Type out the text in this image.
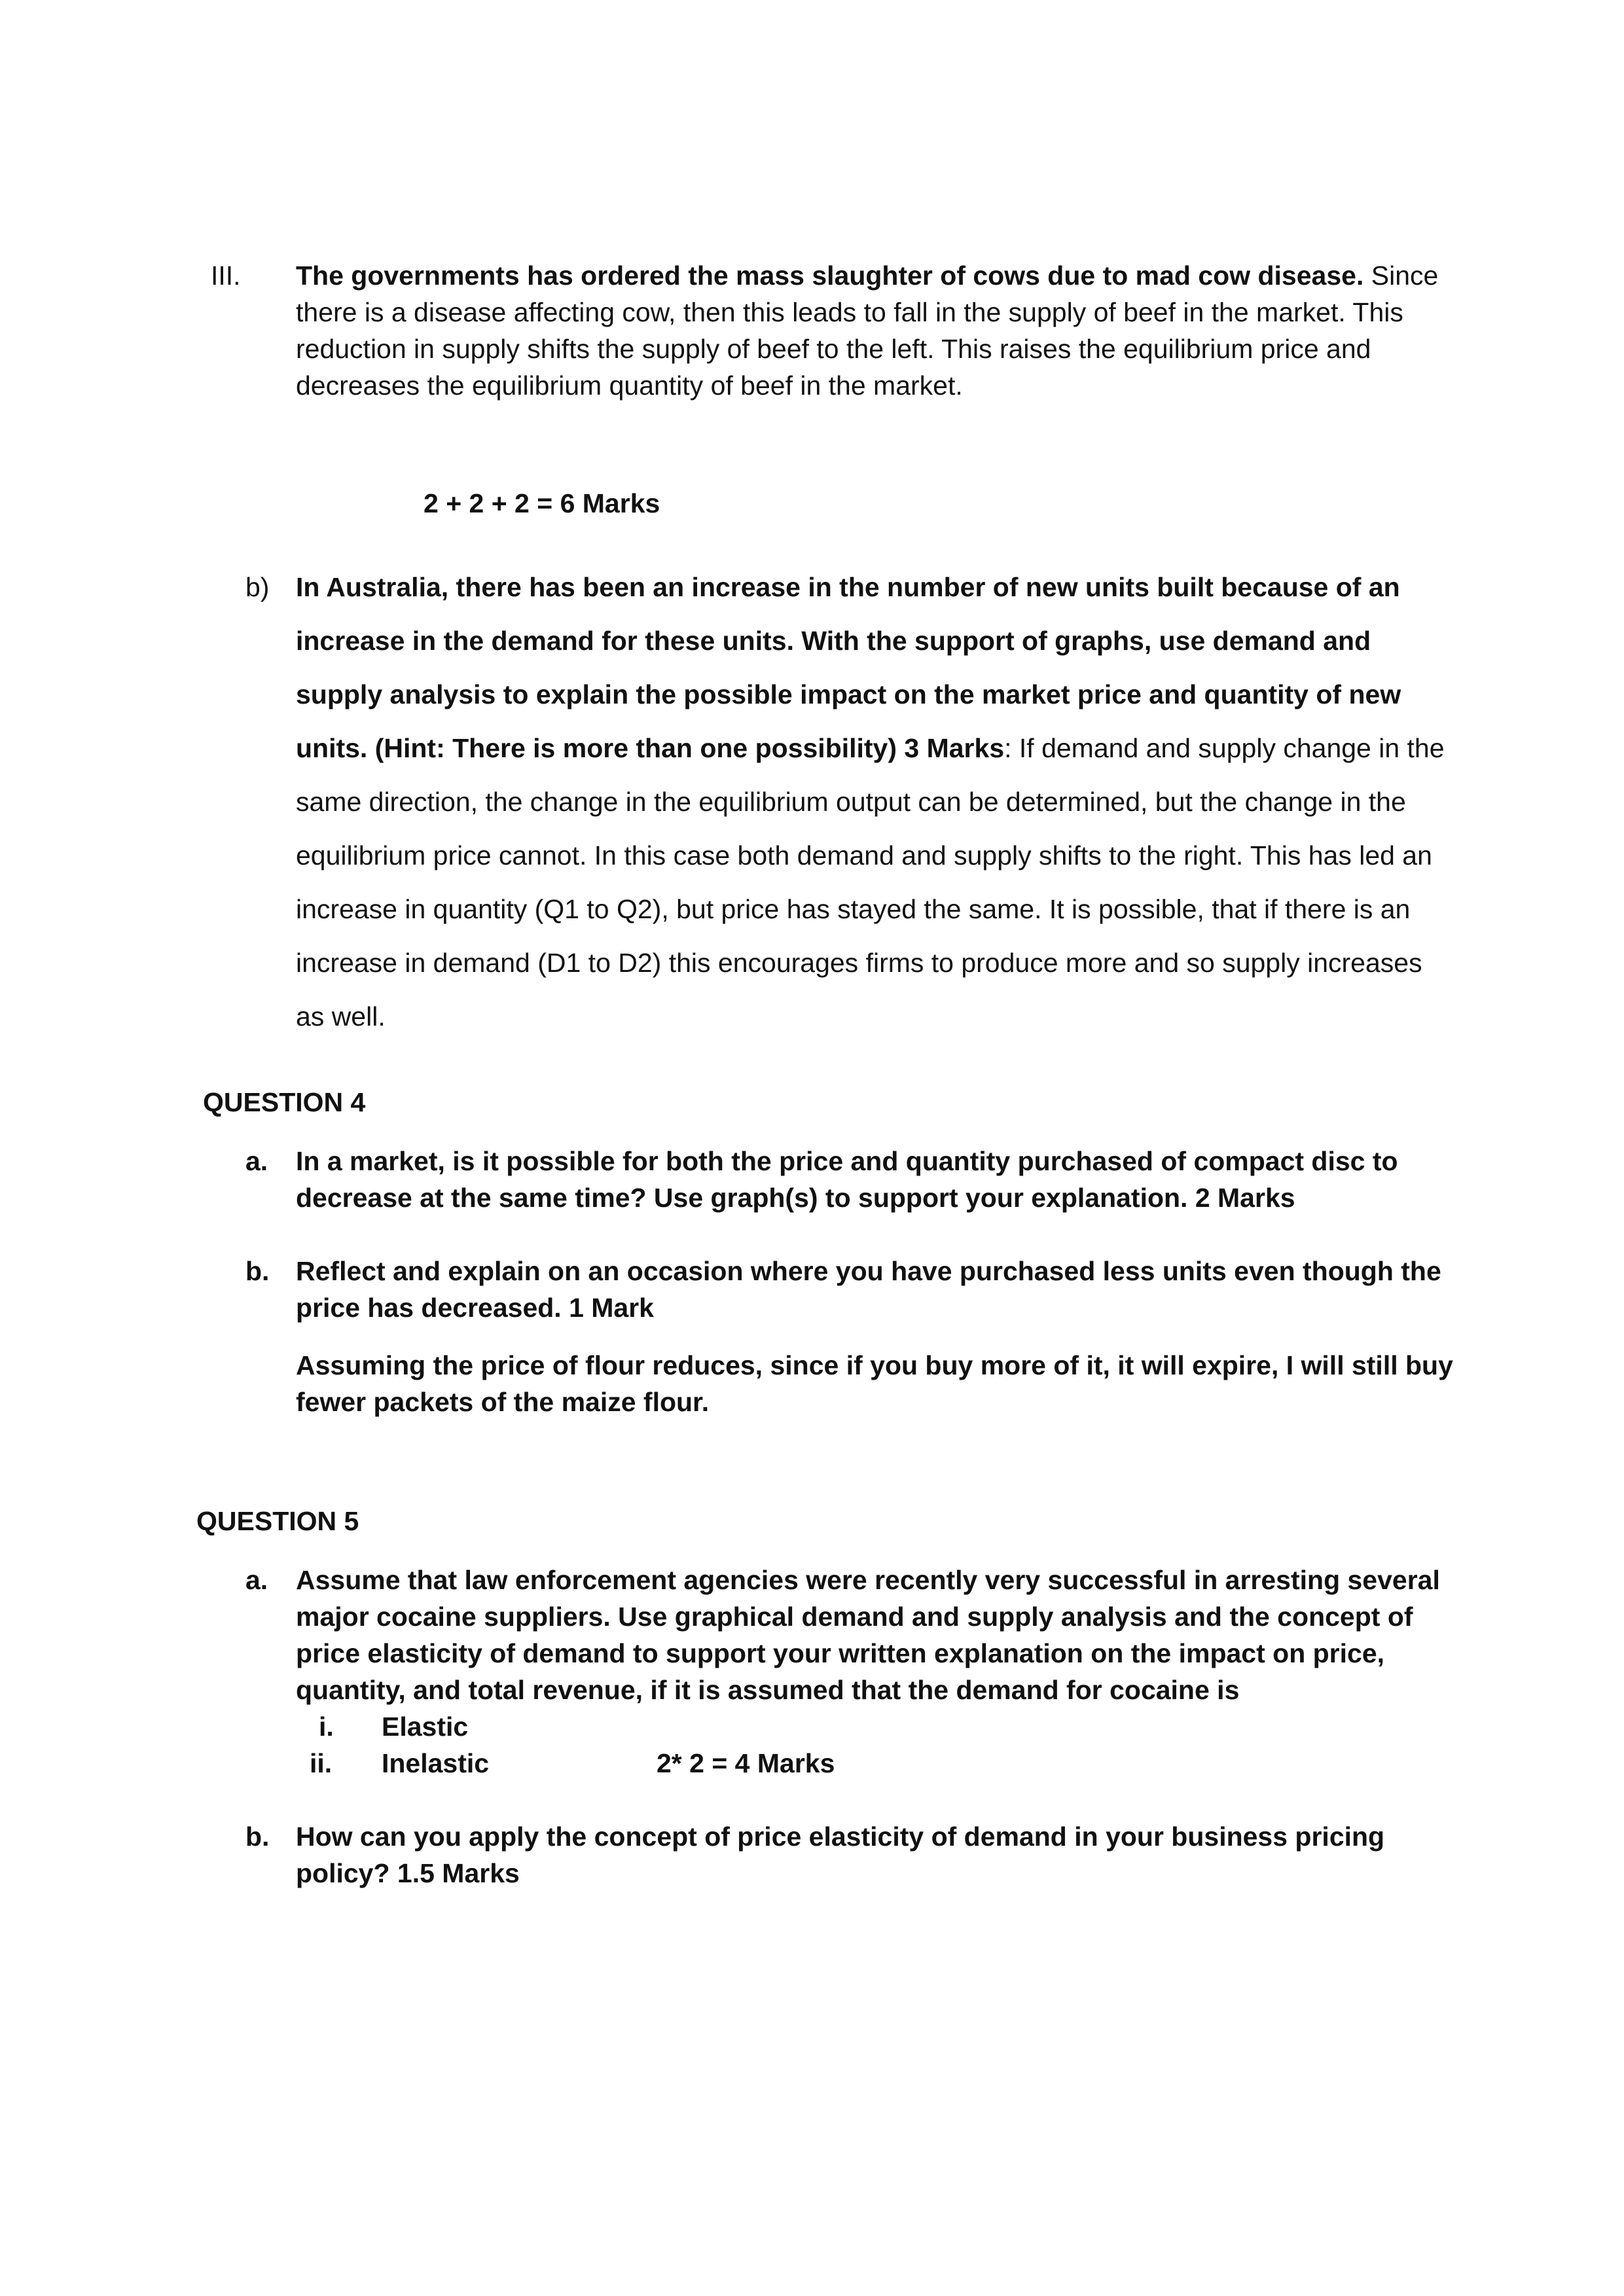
III. The governments has ordered the mass slaughter of cows due to mad cow disease. Since there is a disease affecting cow, then this leads to fall in the supply of beef in the market. This reduction in supply shifts the supply of beef to the left. This raises the equilibrium price and decreases the equilibrium quantity of beef in the market.

2 + 2 + 2 = 6 Marks
b) In Australia, there has been an increase in the number of new units built because of an increase in the demand for these units. With the support of graphs, use demand and supply analysis to explain the possible impact on the market price and quantity of new units. (Hint: There is more than one possibility) 3 Marks: If demand and supply change in the same direction, the change in the equilibrium output can be determined, but the change in the equilibrium price cannot. In this case both demand and supply shifts to the right. This has led an increase in quantity (Q1 to Q2), but price has stayed the same. It is possible, that if there is an increase in demand (D1 to D2) this encourages firms to produce more and so supply increases as well.

QUESTION 4
a. In a market, is it possible for both the price and quantity purchased of compact disc to decrease at the same time? Use graph(s) to support your explanation. 2 Marks

b. Reflect and explain on an occasion where you have purchased less units even though the price has decreased. 1 Mark

Assuming the price of flour reduces, since if you buy more of it, it will expire, I will still buy fewer packets of the maize flour.

QUESTION 5
a. Assume that law enforcement agencies were recently very successful in arresting several major cocaine suppliers. Use graphical demand and supply analysis and the concept of price elasticity of demand to support your written explanation on the impact on price, quantity, and total revenue, if it is assumed that the demand for cocaine is

i. Elastic
ii. Inelastic	2* 2 = 4 Marks
b. How can you apply the concept of price elasticity of demand in your business pricing policy? 1.5 Marks
